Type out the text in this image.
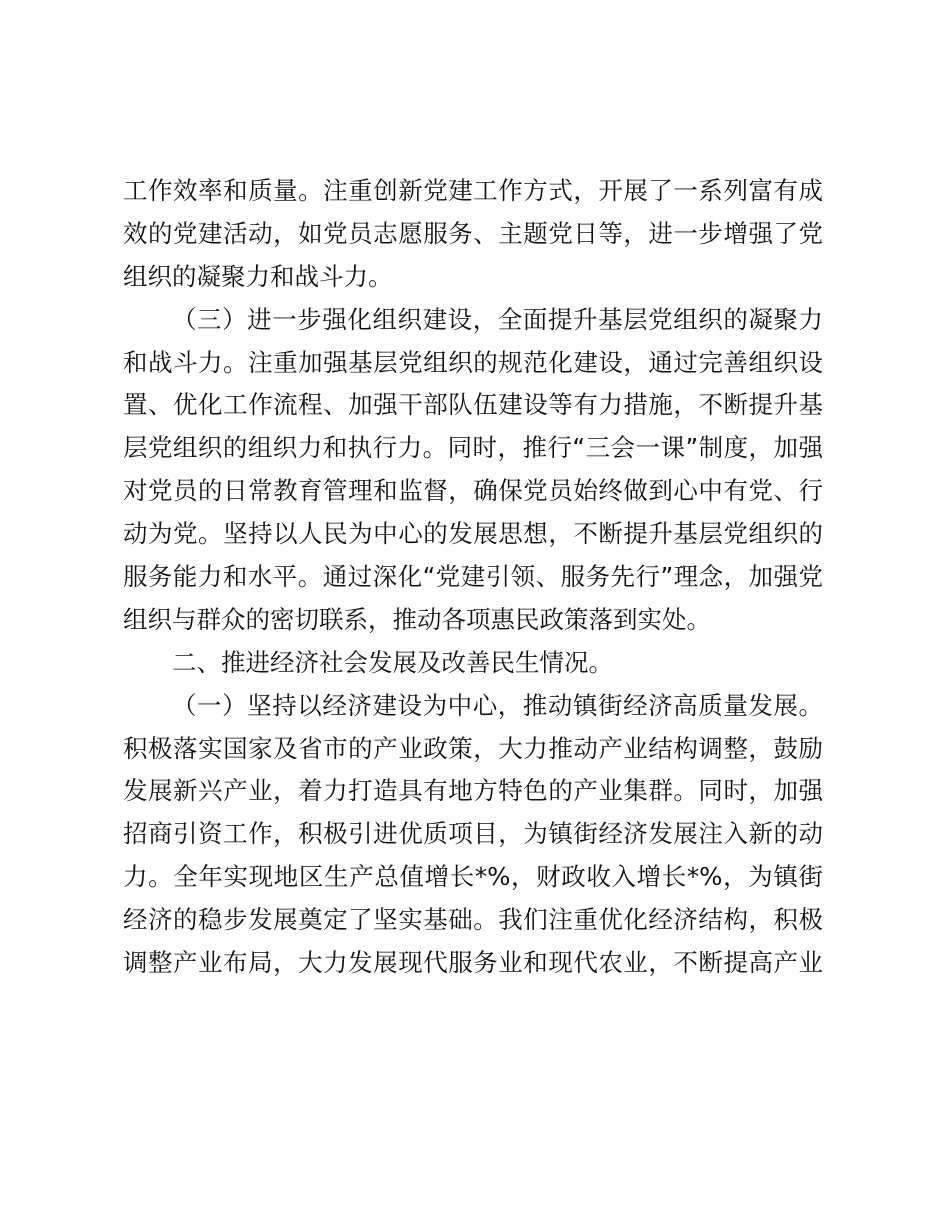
工作效率和质量。注重创新党建工作方式，开展了一系列富有成
效的党建活动，如党员志愿服务、主题党日等，进一步增强了党
组织的凝聚力和战斗力。
（三）进一步强化组织建设，全面提升基层党组织的凝聚力
和战斗力。注重加强基层党组织的规范化建设，通过完善组织设
置、优化工作流程、加强干部队伍建设等有力措施，不断提升基
层党组织的组织力和执行力。同时，推行“三会一课”制度，加强
对党员的日常教育管理和监督，确保党员始终做到心中有党、行
动为党。坚持以人民为中心的发展思想，不断提升基层党组织的
服务能力和水平。通过深化“党建引领、服务先行”理念，加强党
组织与群众的密切联系，推动各项惠民政策落到实处。
二、推进经济社会发展及改善民生情况。
（一）坚持以经济建设为中心，推动镇街经济高质量发展。
积极落实国家及省市的产业政策，大力推动产业结构调整，鼓励
发展新兴产业，着力打造具有地方特色的产业集群。同时，加强
招商引资工作，积极引进优质项目，为镇街经济发展注入新的动
力。全年实现地区生产总值增长*%，财政收入增长*%，为镇街
经济的稳步发展奠定了坚实基础。我们注重优化经济结构，积极
调整产业布局，大力发展现代服务业和现代农业，不断提高产业
